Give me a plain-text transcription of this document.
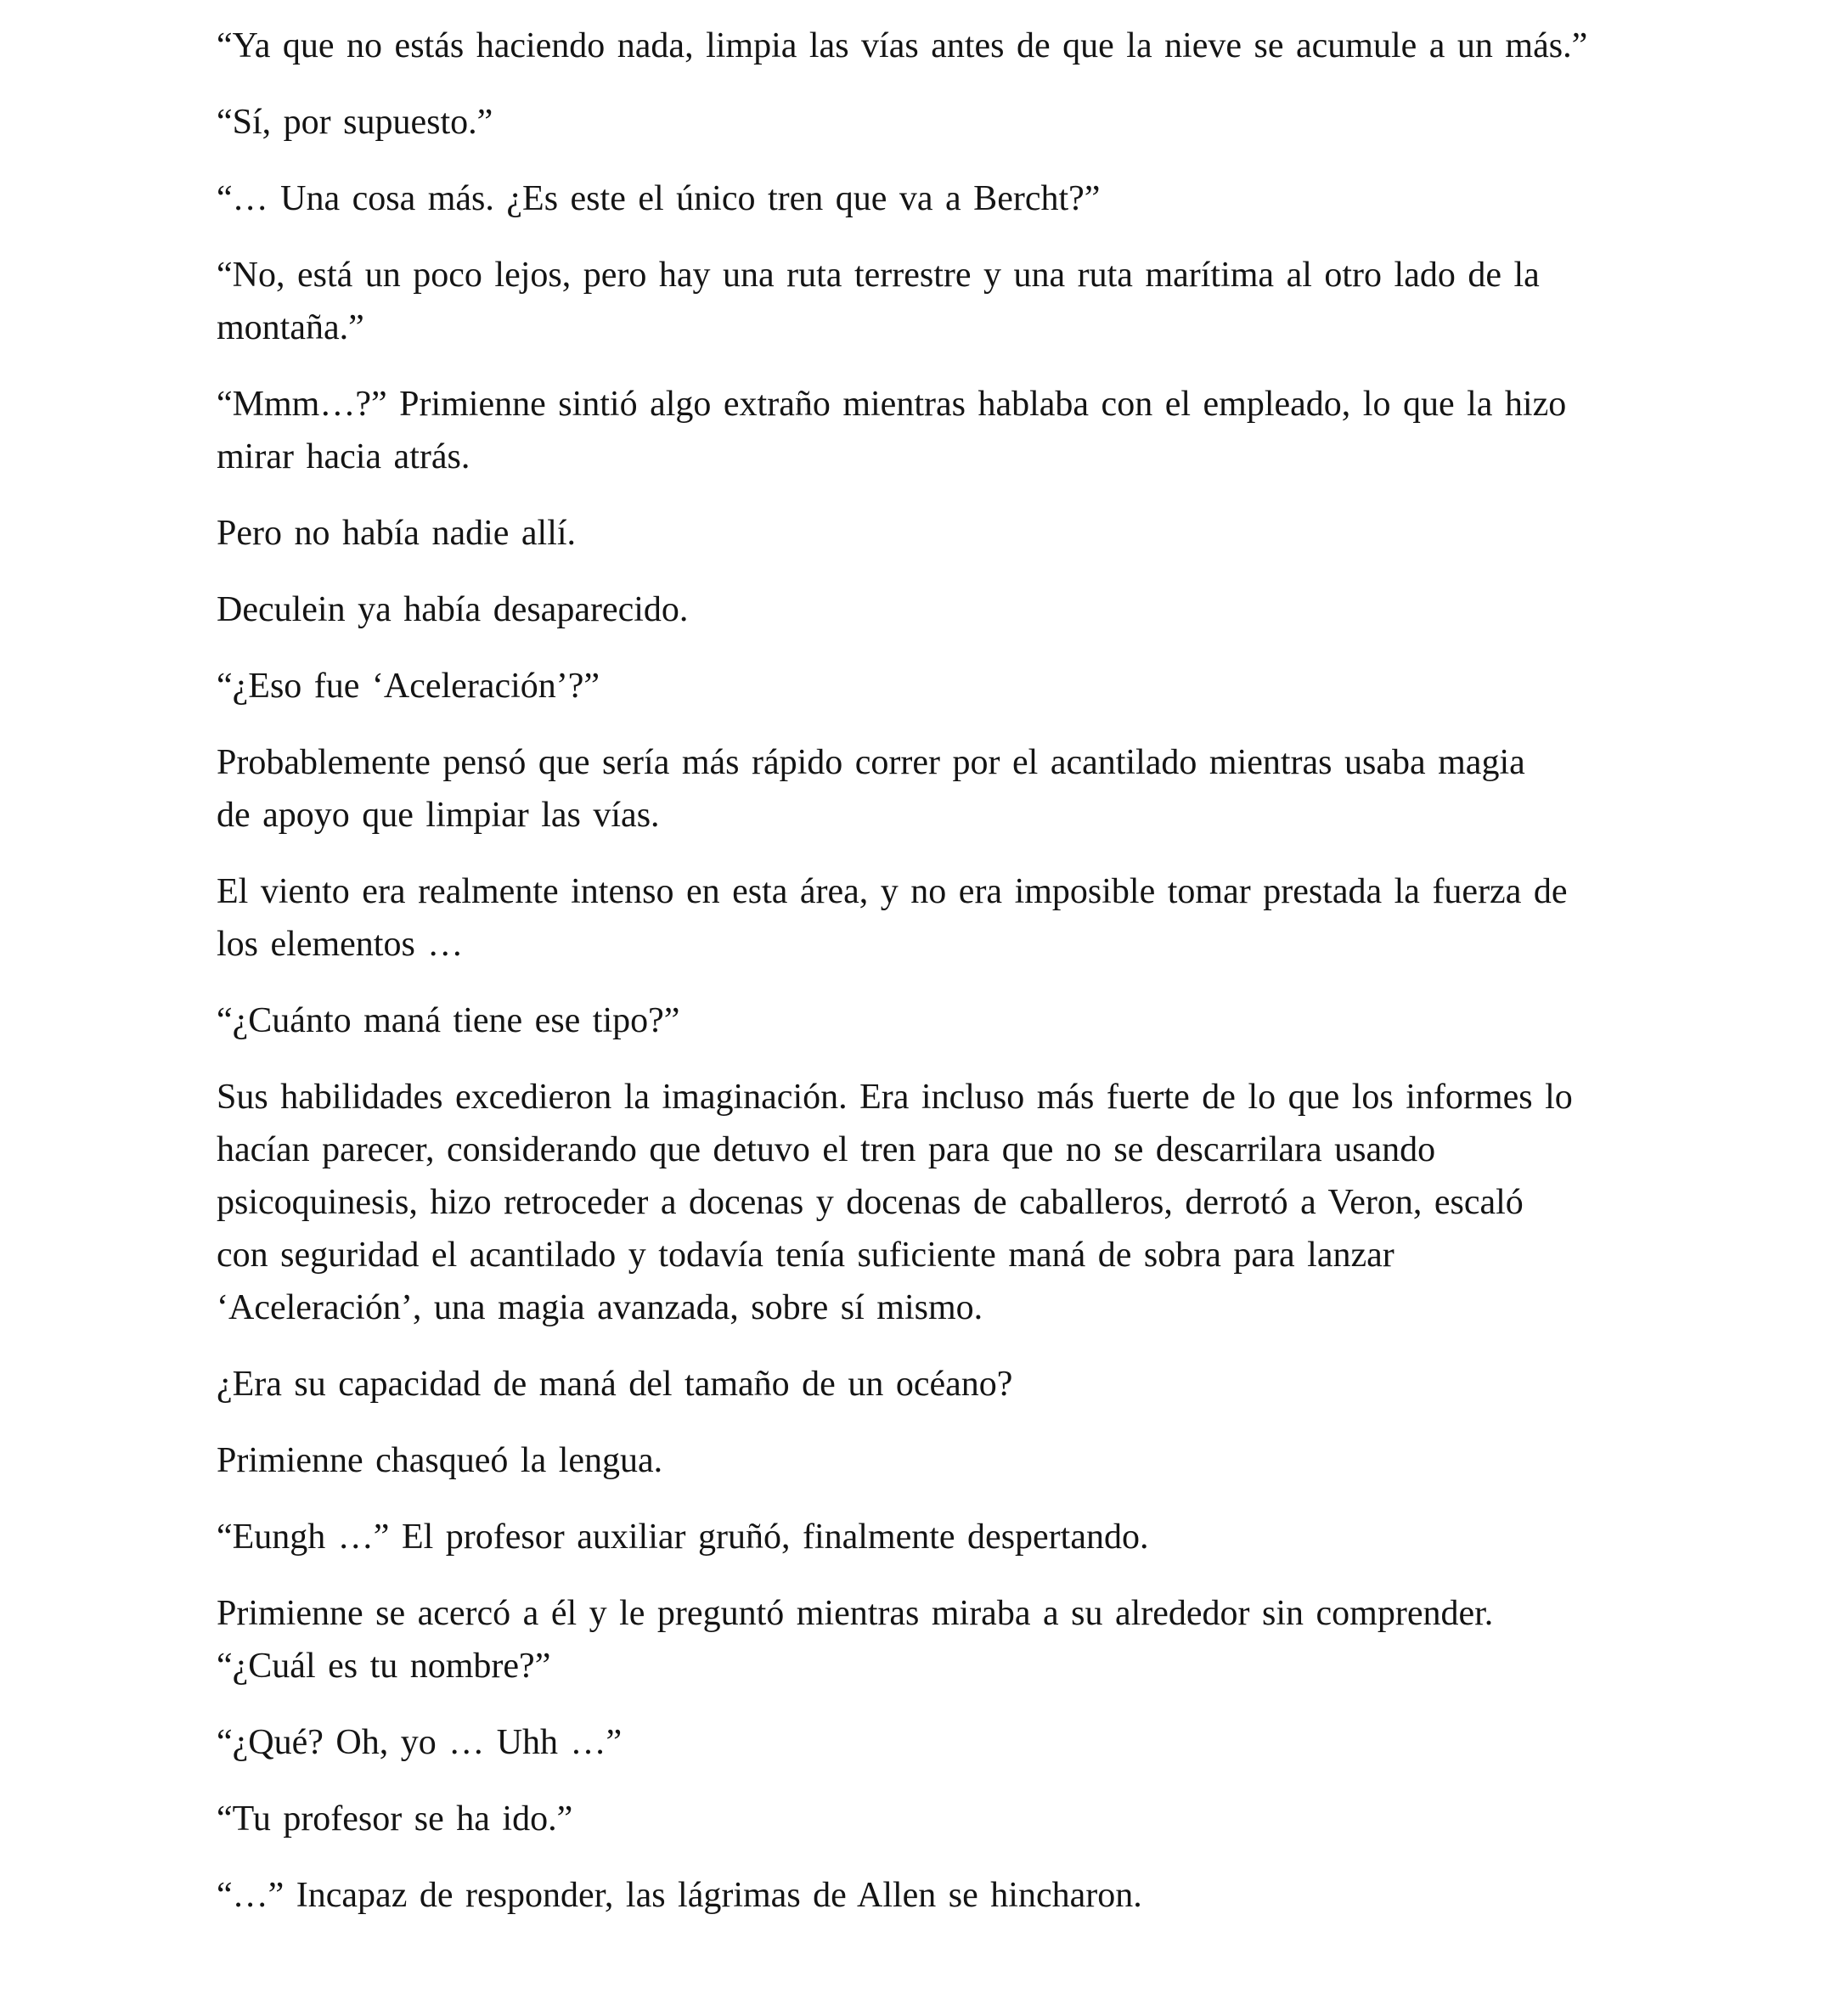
“Ya que no estás haciendo nada, limpia las vías antes de que la nieve se acumule a un más.”

“Sí, por supuesto.”

“… Una cosa más. ¿Es este el único tren que va a Bercht?”

“No, está un poco lejos, pero hay una ruta terrestre y una ruta marítima al otro lado de la
montaña.”

“Mmm…?” Primienne sintió algo extraño mientras hablaba con el empleado, lo que la hizo
mirar hacia atrás.

Pero no había nadie allí.

Deculein ya había desaparecido.

“¿Eso fue ‘Aceleración’?”

Probablemente pensó que sería más rápido correr por el acantilado mientras usaba magia
de apoyo que limpiar las vías.

El viento era realmente intenso en esta área, y no era imposible tomar prestada la fuerza de
los elementos …

“¿Cuánto maná tiene ese tipo?”

Sus habilidades excedieron la imaginación. Era incluso más fuerte de lo que los informes lo
hacían parecer, considerando que detuvo el tren para que no se descarrilara usando
psicoquinesis, hizo retroceder a docenas y docenas de caballeros, derrotó a Veron, escaló
con seguridad el acantilado y todavía tenía suficiente maná de sobra para lanzar
‘Aceleración’, una magia avanzada, sobre sí mismo.

¿Era su capacidad de maná del tamaño de un océano?

Primienne chasqueó la lengua.

“Eungh …” El profesor auxiliar gruñó, finalmente despertando.

Primienne se acercó a él y le preguntó mientras miraba a su alrededor sin comprender.
“¿Cuál es tu nombre?”

“¿Qué? Oh, yo … Uhh …”

“Tu profesor se ha ido.”

“…” Incapaz de responder, las lágrimas de Allen se hincharon.
